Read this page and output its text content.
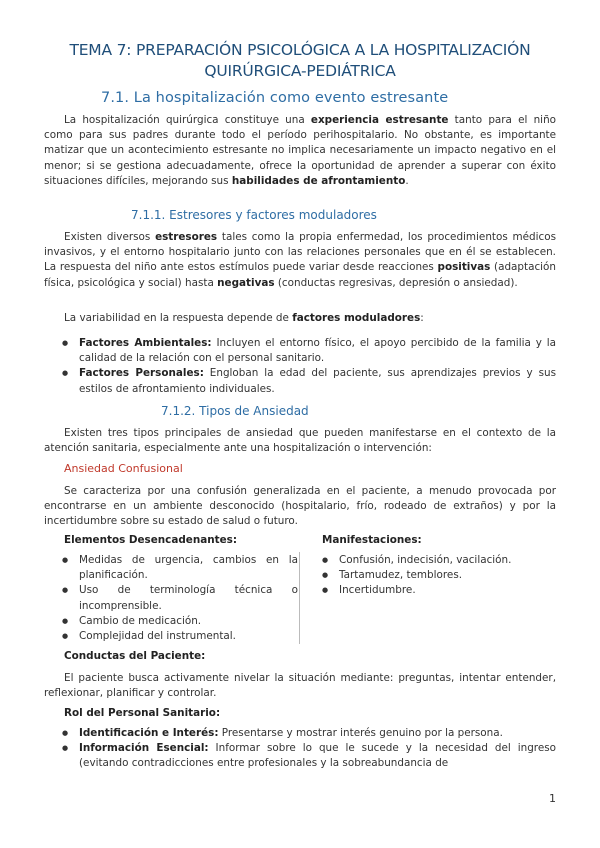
TEMA 7: PREPARACIÓN PSICOLÓGICA A LA HOSPITALIZACIÓN
QUIRÚRGICA-PEDIÁTRICA
7.1. La hospitalización como evento estresante

La hospitalización quirúrgica constituye una experiencia estresante tanto para el niño como para sus padres durante todo el período perihospitalario. No obstante, es importante matizar que un acontecimiento estresante no implica necesariamente un impacto negativo en el menor; si se gestiona adecuadamente, ofrece la oportunidad de aprender a superar con éxito situaciones difíciles, mejorando sus habilidades de afrontamiento.

7.1.1. Estresores y factores moduladores

Existen diversos estresores tales como la propia enfermedad, los procedimientos médicos invasivos, y el entorno hospitalario junto con las relaciones personales que en él se establecen. La respuesta del niño ante estos estímulos puede variar desde reacciones positivas (adaptación física, psicológica y social) hasta negativas (conductas regresivas, depresión o ansiedad).

La variabilidad en la respuesta depende de factores moduladores:

● Factores Ambientales: Incluyen el entorno físico, el apoyo percibido de la familia y la calidad de la relación con el personal sanitario.
● Factores Personales: Engloban la edad del paciente, sus aprendizajes previos y sus estilos de afrontamiento individuales.
7.1.2. Tipos de Ansiedad

Existen tres tipos principales de ansiedad que pueden manifestarse en el contexto de la atención sanitaria, especialmente ante una hospitalización o intervención:

Ansiedad Confusional

Se caracteriza por una confusión generalizada en el paciente, a menudo provocada por encontrarse en un ambiente desconocido (hospitalario, frío, rodeado de extraños) y por la incertidumbre sobre su estado de salud o futuro.

Elementos Desencadenantes:	Manifestaciones:
● Medidas de urgencia, cambios en la planificación.
● Uso de terminología técnica o incomprensible.
● Cambio de medicación.
● Complejidad del instrumental.
● Confusión, indecisión, vacilación.
● Tartamudez, temblores.
● Incertidumbre.
Conductas del Paciente:

El paciente busca activamente nivelar la situación mediante: preguntas, intentar entender, reflexionar, planificar y controlar.

Rol del Personal Sanitario:
● Identificación e Interés: Presentarse y mostrar interés genuino por la persona.
● Información Esencial: Informar sobre lo que le sucede y la necesidad del ingreso (evitando contradicciones entre profesionales y la sobreabundancia de
1
